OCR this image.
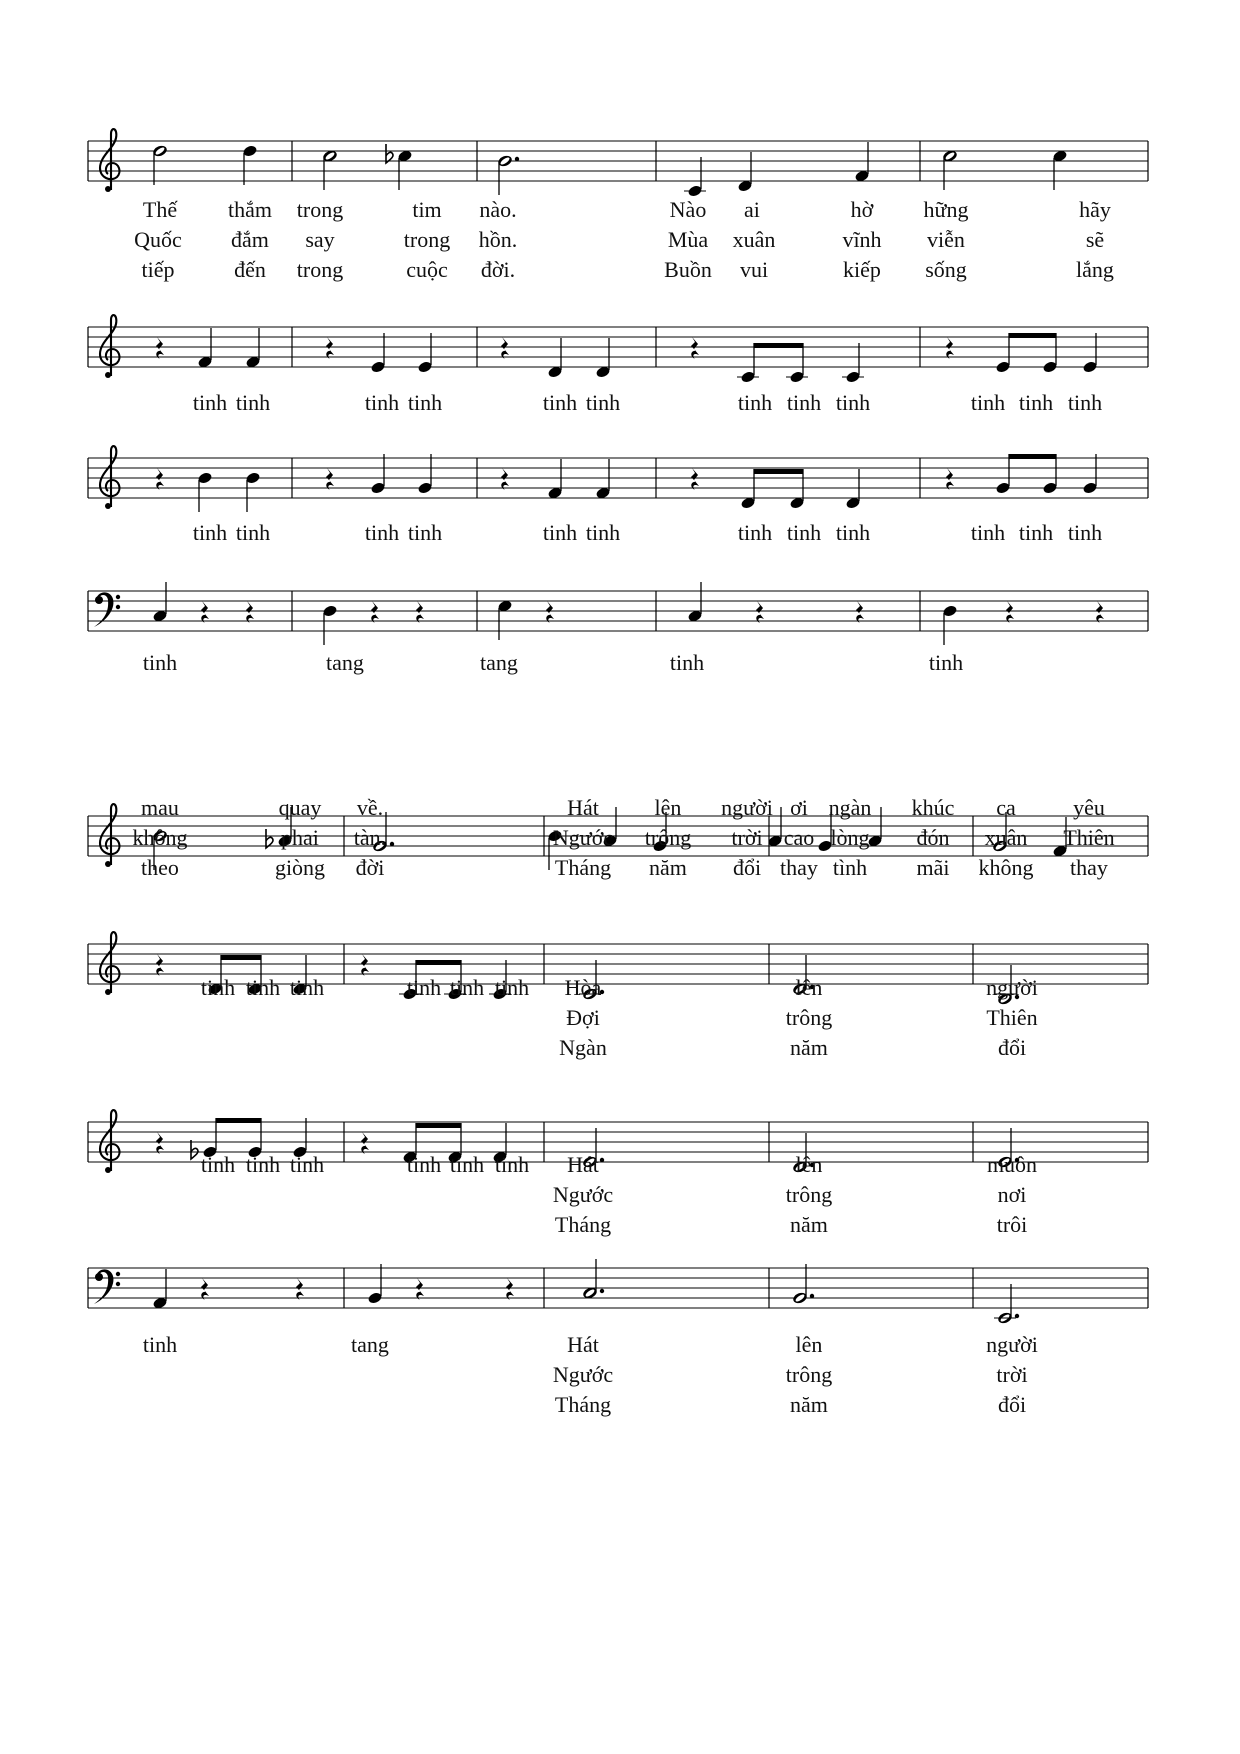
Thế thắm trong	tim nào.	Nào ai	hờ hững	hãy
Quốc đắm say	trong hồn.	Mùa xuân	vĩnh viễn	sẽ
tiếp	đến trong	cuộc đời.	Buồn vui	kiếp sống	lắng
tinh tinh	tinh tinh	tinh tinh	tinh tinh tinh	tinh tinh tinh
tinh tinh	tinh tinh	tinh tinh	tinh tinh tinh	tinh tinh tinh
tinh	tang	tang	tinh	tinh
mau	quay về.	Hát	lên người ơi ngàn khúc ca	yêu
không	phai tàn.	Ngước trông trời cao lòng đón xuân Thiên
theo	giòng đời	Tháng năm đổi thay tình mãi không thay
tinh tinh tinh	tinh tinh tinh Hòa	lên	người
Đợi	trông	Thiên
Ngàn	năm	đổi
tinh tinh tinh	tinh tinh tinh Hát	lên	muôn
Ngước	trông	nơi
Tháng	năm	trôi
tinh	tang	Hát	lên	người
Ngước	trông	trời
Tháng	năm	đổi
